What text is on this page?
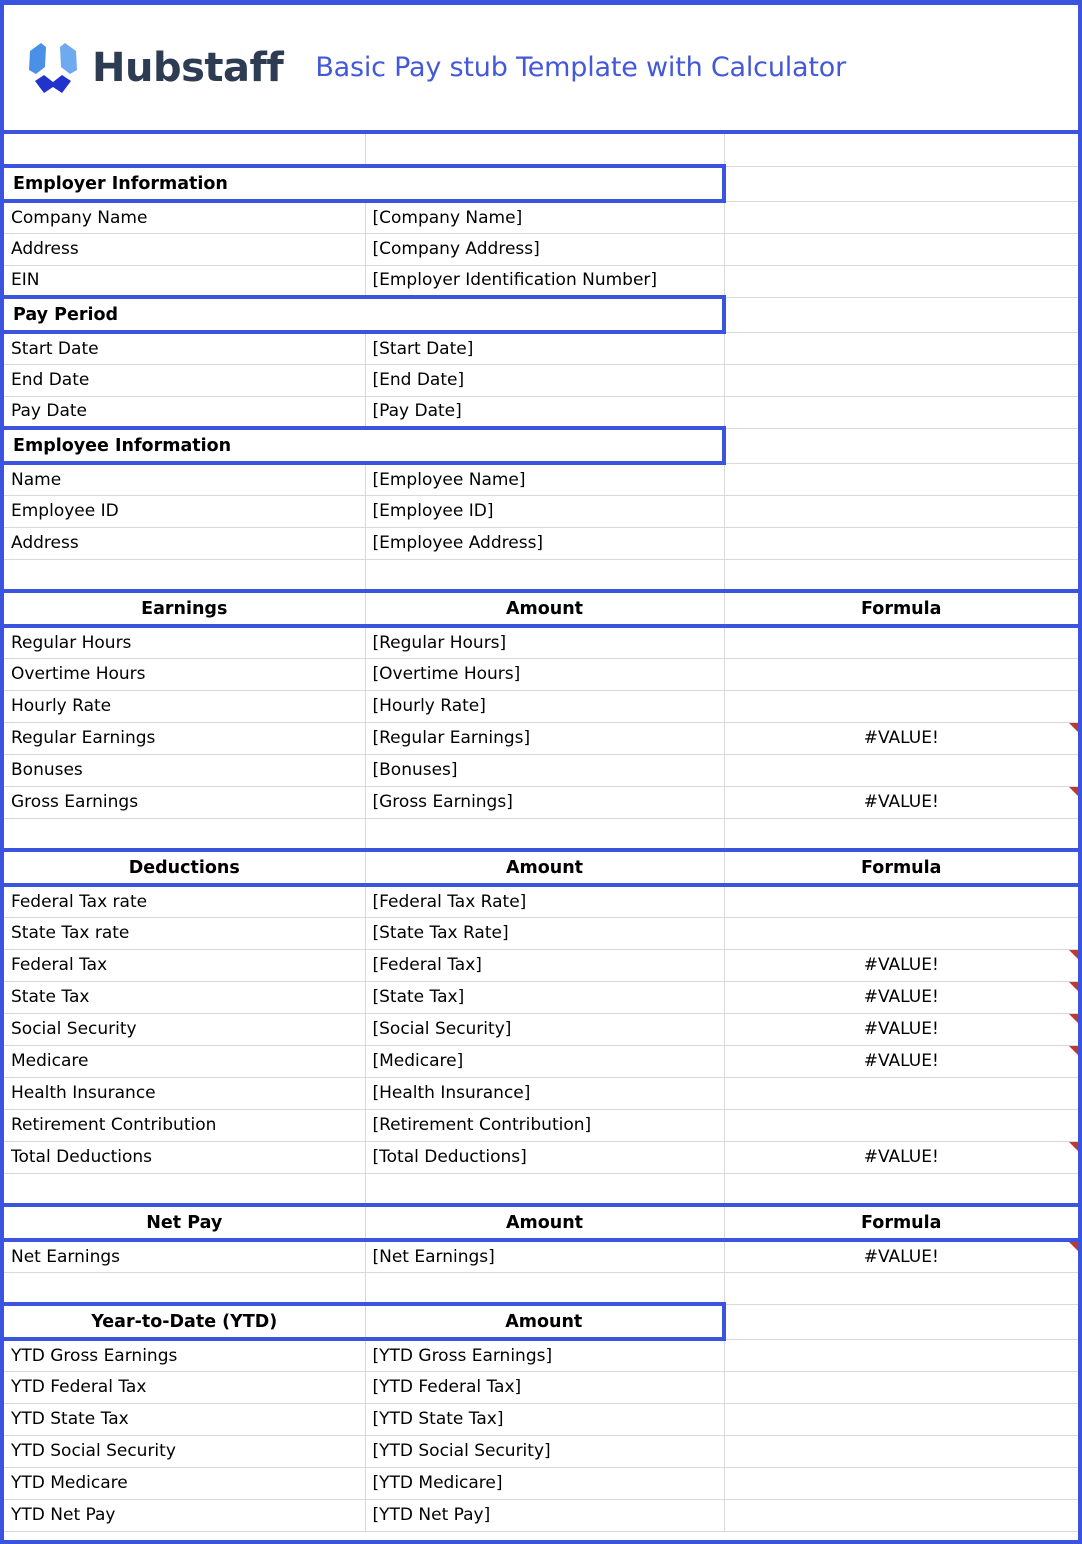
Hubstaff Basic Pay stub Template with Calculator

Employer Information		
Company Name	[Company Name]	
Address	[Company Address]	
EIN	[Employer Identification Number]	
Pay Period		
Start Date	[Start Date]	
End Date	[End Date]	
Pay Date	[Pay Date]	
Employee Information		
Name	[Employee Name]	
Employee ID	[Employee ID]	
Address	[Employee Address]	

Earnings	Amount	Formula
Regular Hours	[Regular Hours]	
Overtime Hours	[Overtime Hours]	
Hourly Rate	[Hourly Rate]	
Regular Earnings	[Regular Earnings]	#VALUE!
Bonuses	[Bonuses]	
Gross Earnings	[Gross Earnings]	#VALUE!

Deductions	Amount	Formula
Federal Tax rate	[Federal Tax Rate]	
State Tax rate	[State Tax Rate]	
Federal Tax	[Federal Tax]	#VALUE!
State Tax	[State Tax]	#VALUE!
Social Security	[Social Security]	#VALUE!
Medicare	[Medicare]	#VALUE!
Health Insurance	[Health Insurance]	
Retirement Contribution	[Retirement Contribution]	
Total Deductions	[Total Deductions]	#VALUE!

Net Pay	Amount	Formula
Net Earnings	[Net Earnings]	#VALUE!

Year-to-Date (YTD)	Amount	
YTD Gross Earnings	[YTD Gross Earnings]	
YTD Federal Tax	[YTD Federal Tax]	
YTD State Tax	[YTD State Tax]	
YTD Social Security	[YTD Social Security]	
YTD Medicare	[YTD Medicare]	
YTD Net Pay	[YTD Net Pay]	
